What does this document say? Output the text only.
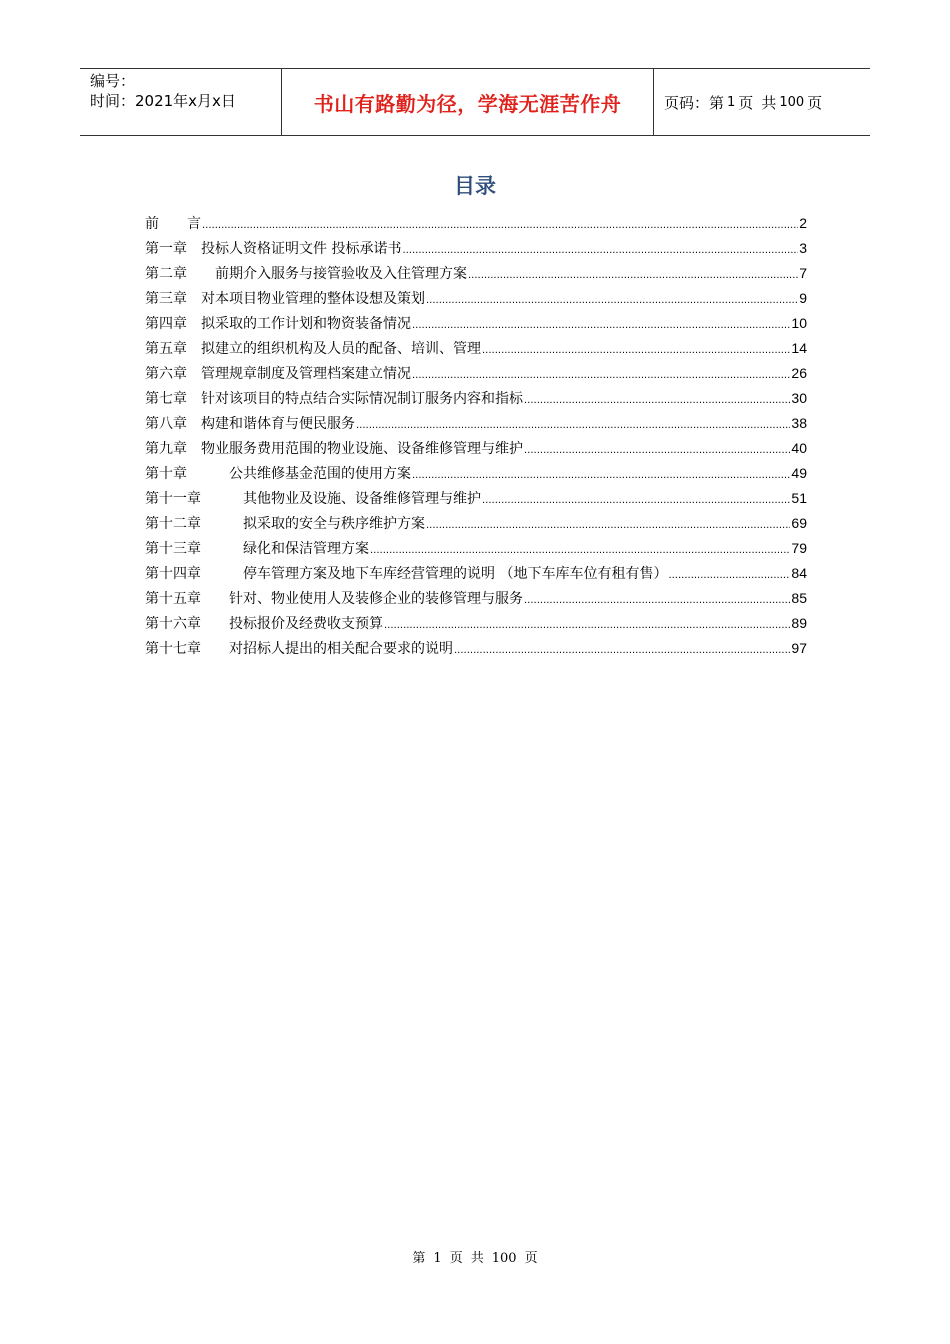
编号：
时间：2021年x月x日	书山有路勤为径，学海无涯苦作舟	页码：第 1 页 共 100 页
目录
前　　言 .....	2
第一章　 投标人资格证明文件 投标承诺书 .....	3
第二章　　 前期介入服务与接管验收及入住管理方案 .....	7
第三章　 对本项目物业管理的整体设想及策划 .....	9
第四章　 拟采取的工作计划和物资装备情况 .....	10
第五章　 拟建立的组织机构及人员的配备、培训、管理 .....	14
第六章　 管理规章制度及管理档案建立情况 .....	26
第七章　 针对该项目的特点结合实际情况制订服务内容和指标 .....	30
第八章　 构建和谐体育与便民服务 .....	38
第九章　 物业服务费用范围的物业设施、设备维修管理与维护 .....	40
第十章　　　 公共维修基金范围的使用方案 .....	49
第十一章　　　 其他物业及设施、设备维修管理与维护 .....	51
第十二章　　　 拟采取的安全与秩序维护方案 .....	69
第十三章　　　 绿化和保洁管理方案 .....	79
第十四章　　　 停车管理方案及地下车库经营管理的说明 （地下车库车位有租有售） .....	84
第十五章　　 针对、物业使用人及装修企业的装修管理与服务 .....	85
第十六章　　 投标报价及经费收支预算 .....	89
第十七章　　 对招标人提出的相关配合要求的说明 .....	97
第 1 页 共 100 页
